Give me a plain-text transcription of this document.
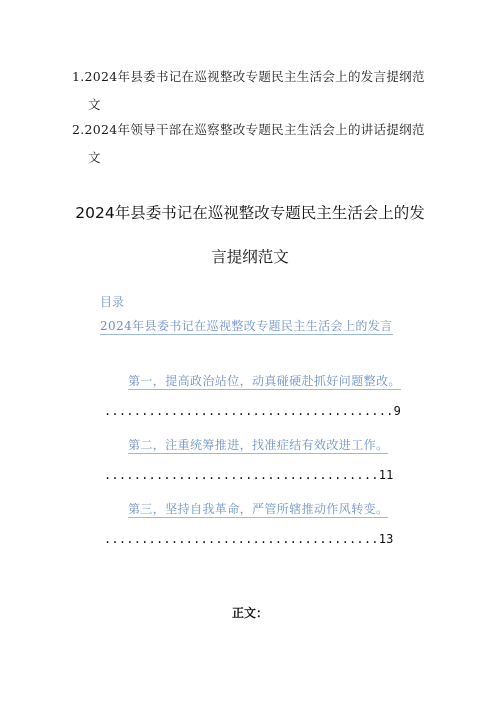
1.2024年县委书记在巡视整改专题民主生活会上的发言提纲范
文
2.2024年领导干部在巡察整改专题民主生活会上的讲话提纲范
文
2024年县委书记在巡视整改专题民主生活会上的发
言提纲范文
目录
2024年县委书记在巡视整改专题民主生活会上的发言
第一，提高政治站位，动真碰硬赴抓好问题整改。
.......................................9
第二，注重统筹推进，找准症结有效改进工作。
.....................................11
第三，坚持自我革命，严管所辖推动作风转变。
.....................................13
正文：
